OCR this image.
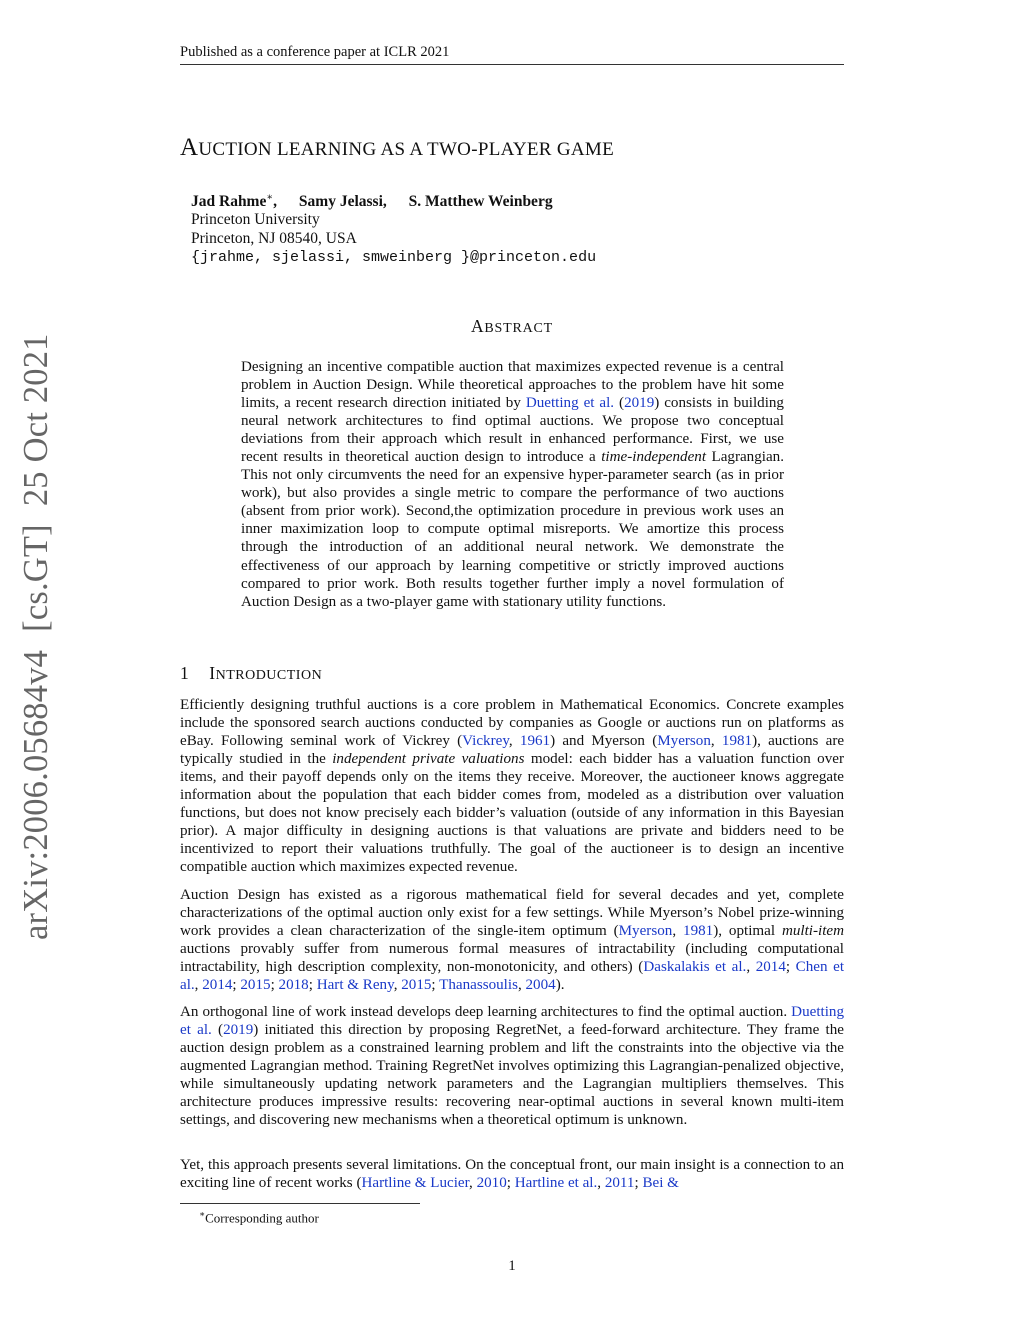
Published as a conference paper at ICLR 2021
arXiv:2006.05684v4[cs.GT]25 Oct 2021
AUCTION LEARNING AS A TWO-PLAYER GAME
Jad Rahme∗, Samy Jelassi, S. Matthew Weinberg
Princeton University
Princeton, NJ 08540, USA
{jrahme, sjelassi, smweinberg }@princeton.edu
ABSTRACT
Designing an incentive compatible auction that maximizes expected revenue is a central problem in Auction Design. While theoretical approaches to the problem have hit some limits, a recent research direction initiated by Duetting et al. (2019) consists in building neural network architectures to find optimal auctions. We propose two conceptual deviations from their approach which result in enhanced performance. First, we use recent results in theoretical auction design to introduce a time-independent Lagrangian. This not only circumvents the need for an expensive hyper-parameter search (as in prior work), but also provides a single metric to compare the performance of two auctions (absent from prior work). Second,the optimization procedure in previous work uses an inner maximization loop to compute optimal misreports. We amortize this process through the introduction of an additional neural network. We demonstrate the effectiveness of our approach by learning competitive or strictly improved auctions compared to prior work. Both results together further imply a novel formulation of Auction Design as a two-player game with stationary utility functions.
1 INTRODUCTION

Efficiently designing truthful auctions is a core problem in Mathematical Economics. Concrete examples include the sponsored search auctions conducted by companies as Google or auctions run on platforms as eBay. Following seminal work of Vickrey (Vickrey, 1961) and Myerson (Myerson, 1981), auctions are typically studied in the independent private valuations model: each bidder has a valuation function over items, and their payoff depends only on the items they receive. Moreover, the auctioneer knows aggregate information about the population that each bidder comes from, modeled as a distribution over valuation functions, but does not know precisely each bidder’s valuation (outside of any information in this Bayesian prior). A major difficulty in designing auctions is that valuations are private and bidders need to be incentivized to report their valuations truthfully. The goal of the auctioneer is to design an incentive compatible auction which maximizes expected revenue.

Auction Design has existed as a rigorous mathematical field for several decades and yet, complete characterizations of the optimal auction only exist for a few settings. While Myerson’s Nobel prize-winning work provides a clean characterization of the single-item optimum (Myerson, 1981), optimal multi-item auctions provably suffer from numerous formal measures of intractability (including computational intractability, high description complexity, non-monotonicity, and others) (Daskalakis et al., 2014; Chen et al., 2014; 2015; 2018; Hart & Reny, 2015; Thanassoulis, 2004).

An orthogonal line of work instead develops deep learning architectures to find the optimal auction. Duetting et al. (2019) initiated this direction by proposing RegretNet, a feed-forward architecture. They frame the auction design problem as a constrained learning problem and lift the constraints into the objective via the augmented Lagrangian method. Training RegretNet involves optimizing this Lagrangian-penalized objective, while simultaneously updating network parameters and the Lagrangian multipliers themselves. This architecture produces impressive results: recovering near-optimal auctions in several known multi-item settings, and discovering new mechanisms when a theoretical optimum is unknown.

Yet, this approach presents several limitations. On the conceptual front, our main insight is a connection to an exciting line of recent works (Hartline & Lucier, 2010; Hartline et al., 2011; Bei &

∗Corresponding author
1
